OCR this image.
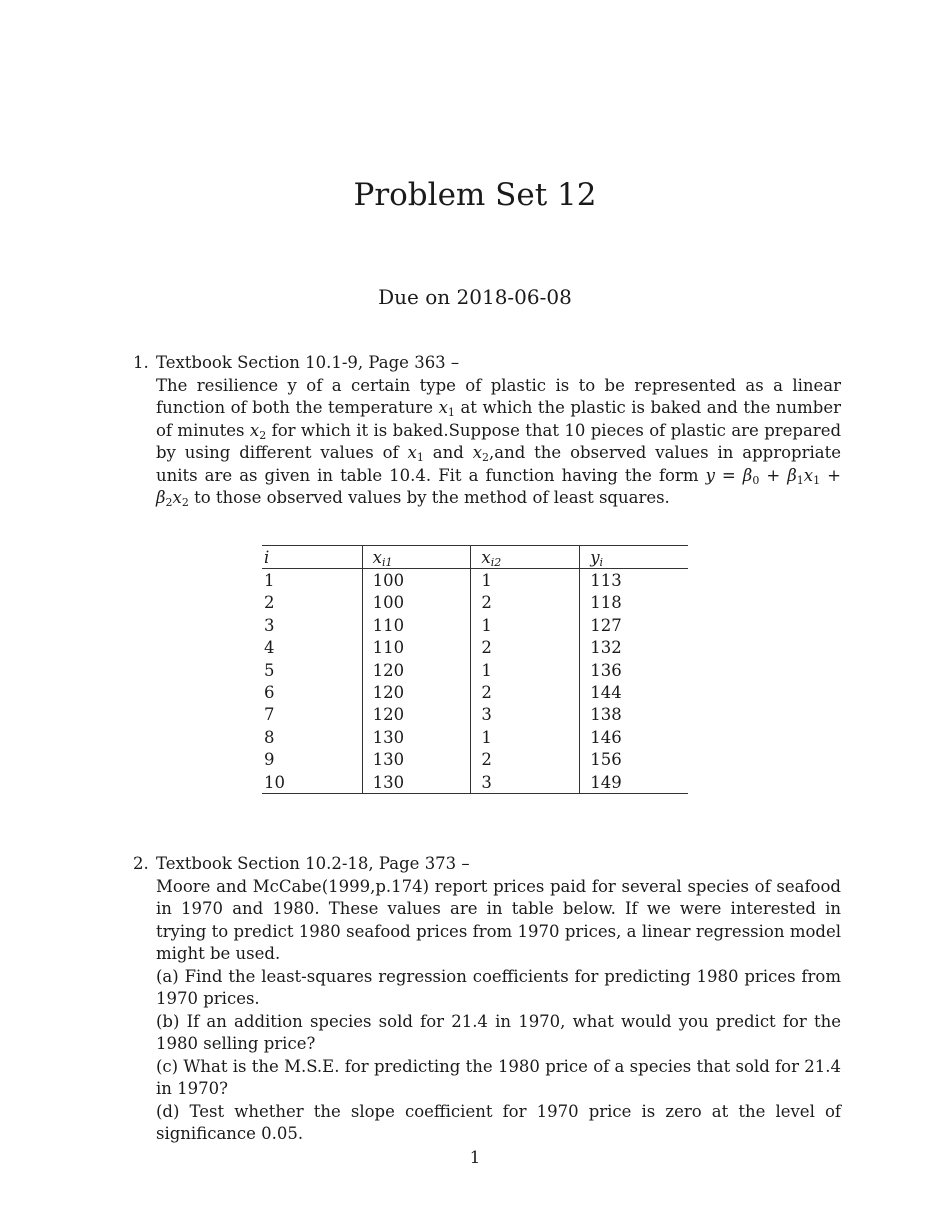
Problem Set 12
Due on 2018-06-08
1. Textbook Section 10.1-9, Page 363 –

The resilience y of a certain type of plastic is to be represented as a linear function of both the temperature $x_1$ at which the plastic is baked and the number of minutes $x_2$ for which it is baked.Suppose that 10 pieces of plastic are prepared by using different values of $x_1$ and $x_2,and$ the observed values in appropriate units are as given in table 10.4. Fit a function having the form $y = \beta_0 + \beta_1x_1 + \beta_2x_2$ to those observed values by the method of least squares.

i	$x_{i1}$	$x_{i2}$	$y_i$
1	100	1	113
2	100	2	118
3	110	1	127
4	110	2	132
5	120	1	136
6	120	2	144
7	120	3	138
8	130	1	146
9	130	2	156
10	130	3	149
2. Textbook Section 10.2-18, Page 373 –

Moore and McCabe(1999,p.174) report prices paid for several species of seafood in 1970 and 1980. These values are in table below. If we were interested in trying to predict 1980 seafood prices from 1970 prices, a linear regression model might be used.

(a) Find the least-squares regression coefficients for predicting 1980 prices from 1970 prices.

(b) If an addition species sold for 21.4 in 1970, what would you predict for the 1980 selling price?

(c) What is the M.S.E. for predicting the 1980 price of a species that sold for 21.4 in 1970?

(d) Test whether the slope coefficient for 1970 price is zero at the level of significance 0.05.

1
